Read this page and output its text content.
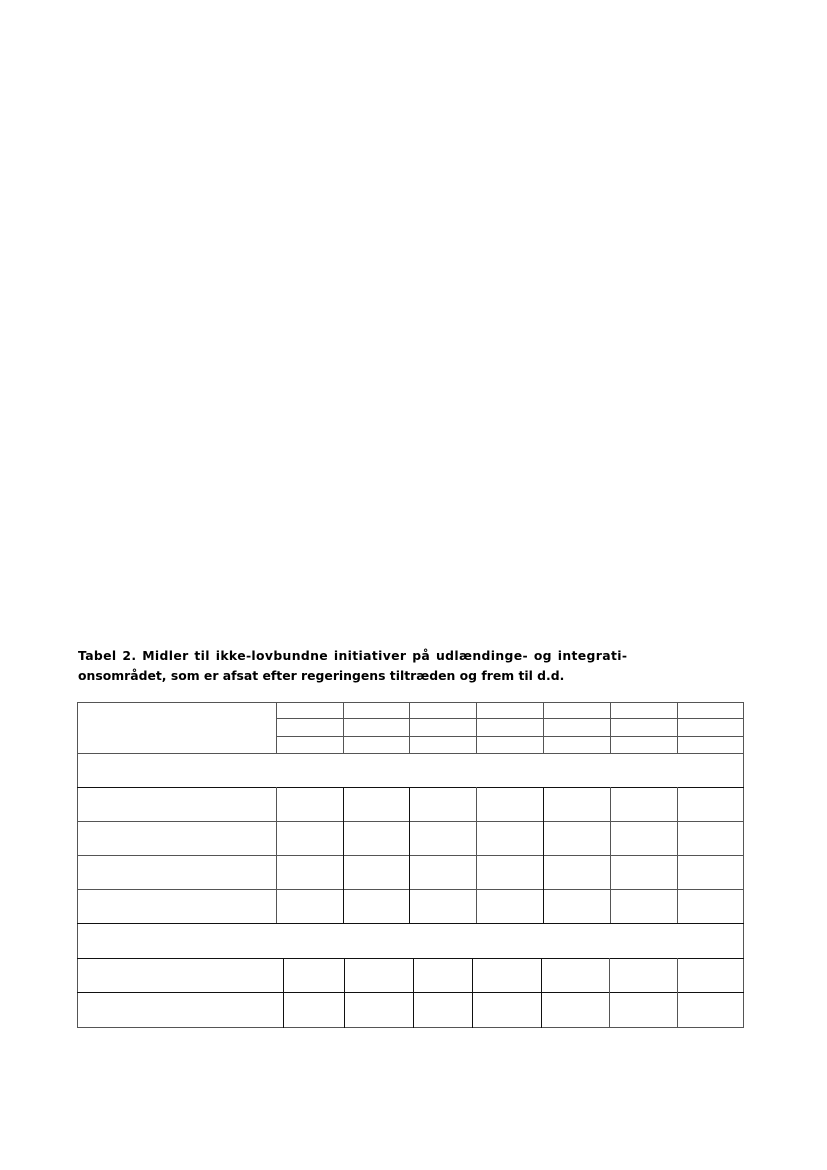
Tabel 2. Midler til ikke-lovbundne initiativer på udlændinge- og integrati-
onsområdet, som er afsat efter regeringens tiltræden og frem til d.d.
